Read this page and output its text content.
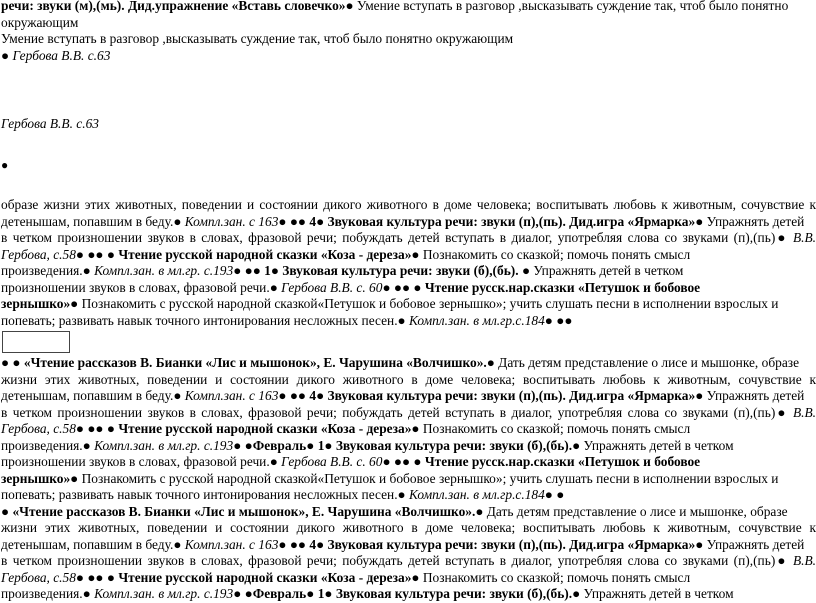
речи: звуки (м),(мь). Дид.упражнение «Вставь словечко»● Умение вступать в разговор ,высказывать суждение так, чтоб было понятно
окружающим
Умение вступать в разговор ,высказывать суждение так, чтоб было понятно окружающим
● Гербова В.В. с.63
Гербова В.В. с.63
●
образе жизни этих животных, поведении и состоянии дикого животного в доме человека; воспитывать любовь к животным, сочувствие к
детенышам, попавшим в беду.● Компл.зан. с 163● ●● 4● Звуковая культура речи: звуки (п),(пь). Дид.игра «Ярмарка»● Упражнять детей
в четком произношении звуков в словах, фразовой речи; побуждать детей вступать в диалог, употребляя слова со звуками (п),(пь)● В.В.
Гербова, с.58● ●● ● Чтение русской народной сказки «Коза - дереза»● Познакомить со сказкой; помочь понять смысл
произведения.● Компл.зан. в мл.гр. с.193● ●● 1● Звуковая культура речи: звуки (б),(бь). ● Упражнять детей в четком
произношении звуков в словах, фразовой речи.● Гербова В.В. с. 60● ●● ● Чтение русск.нар.сказки «Петушок и бобовое
зернышко»● Познакомить с русской народной сказкой«Петушок и бобовое зернышко»; учить слушать песни в исполнении взрослых и
попевать; развивать навык точного интонирования несложных песен.● Компл.зан. в мл.гр.с.184● ●●
● ● «Чтение рассказов В. Бианки «Лис и мышонок», Е. Чарушина «Волчишко».● Дать детям представление о лисе и мышонке, образе
жизни этих животных, поведении и состоянии дикого животного в доме человека; воспитывать любовь к животным, сочувствие к
детенышам, попавшим в беду.● Компл.зан. с 163● ●● 4● Звуковая культура речи: звуки (п),(пь). Дид.игра «Ярмарка»● Упражнять детей
в четком произношении звуков в словах, фразовой речи; побуждать детей вступать в диалог, употребляя слова со звуками (п),(пь)● В.В.
Гербова, с.58● ●● ● Чтение русской народной сказки «Коза - дереза»● Познакомить со сказкой; помочь понять смысл
произведения.● Компл.зан. в мл.гр. с.193● ●Февраль● 1● Звуковая культура речи: звуки (б),(бь).● Упражнять детей в четком
произношении звуков в словах, фразовой речи.● Гербова В.В. с. 60● ●● ● Чтение русск.нар.сказки «Петушок и бобовое
зернышко»● Познакомить с русской народной сказкой«Петушок и бобовое зернышко»; учить слушать песни в исполнении взрослых и
попевать; развивать навык точного интонирования несложных песен.● Компл.зан. в мл.гр.с.184● ●
● «Чтение рассказов В. Бианки «Лис и мышонок», Е. Чарушина «Волчишко».● Дать детям представление о лисе и мышонке, образе
жизни этих животных, поведении и состоянии дикого животного в доме человека; воспитывать любовь к животным, сочувствие к
детенышам, попавшим в беду.● Компл.зан. с 163● ●● 4● Звуковая культура речи: звуки (п),(пь). Дид.игра «Ярмарка»● Упражнять детей
в четком произношении звуков в словах, фразовой речи; побуждать детей вступать в диалог, употребляя слова со звуками (п),(пь)● В.В.
Гербова, с.58● ●● ● Чтение русской народной сказки «Коза - дереза»● Познакомить со сказкой; помочь понять смысл
произведения.● Компл.зан. в мл.гр. с.193● ●Февраль● 1● Звуковая культура речи: звуки (б),(бь).● Упражнять детей в четком
